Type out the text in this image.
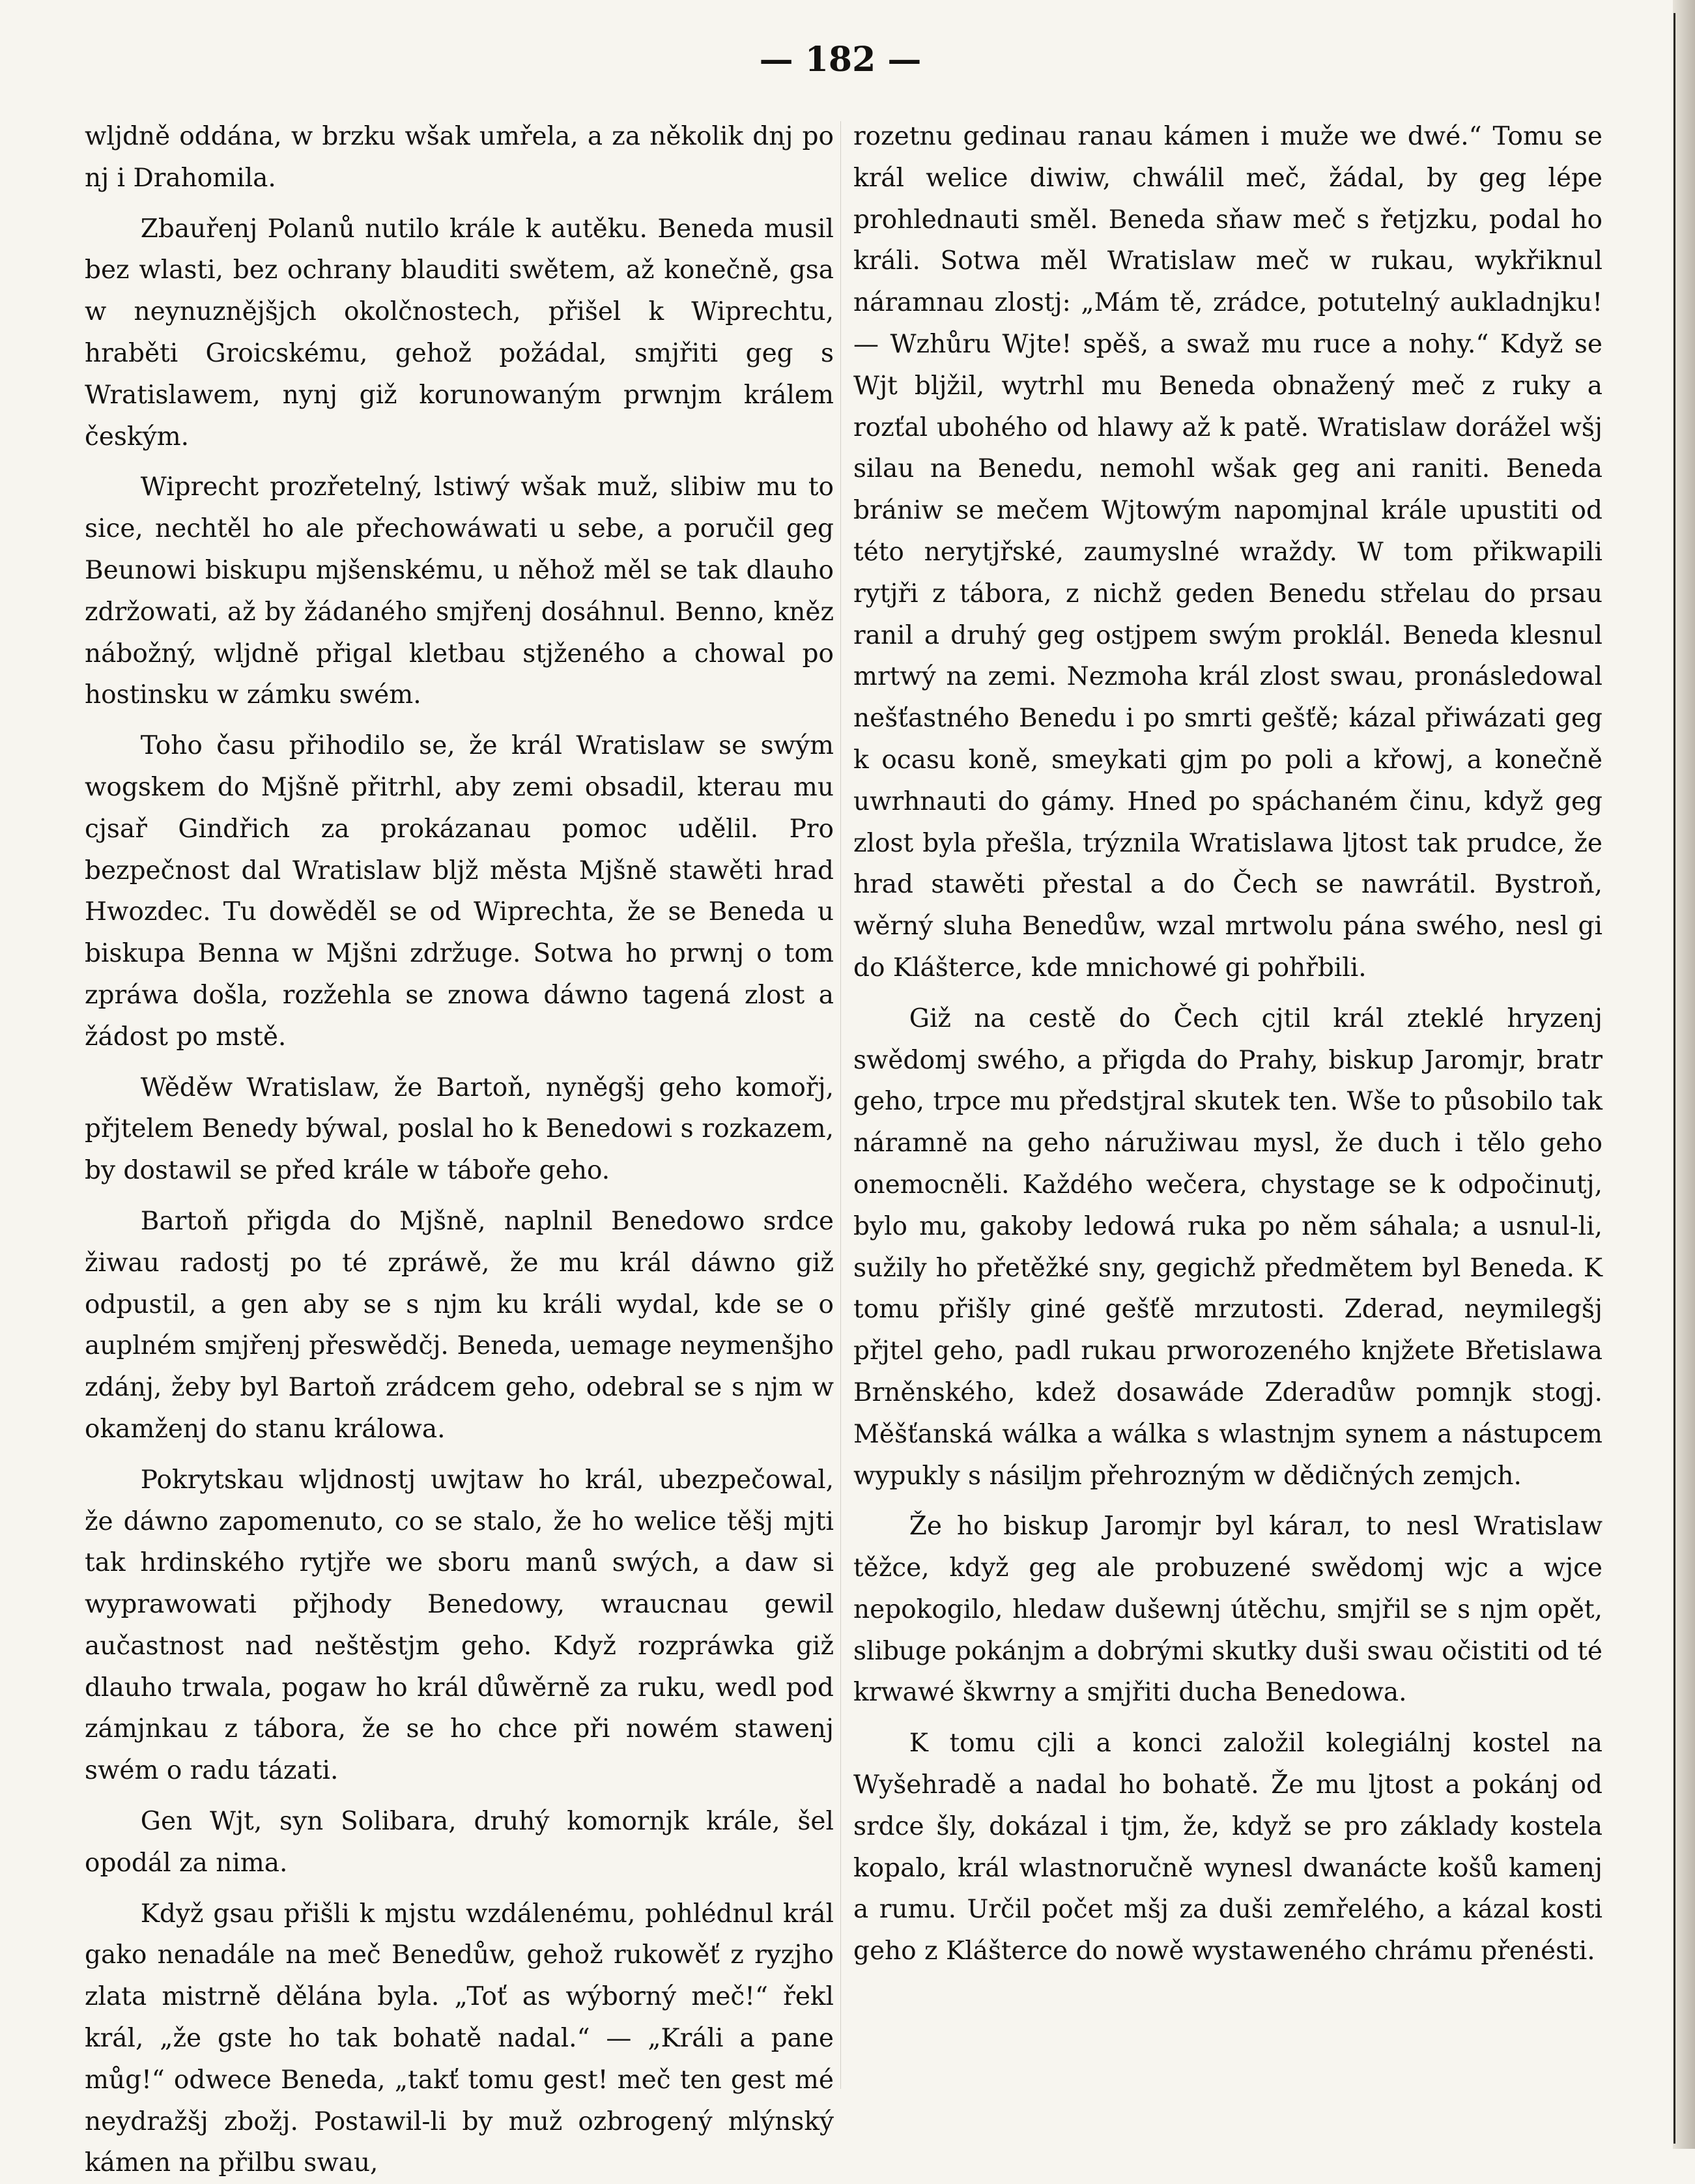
— 182 —

wljdně oddána, w brzku wšak umřela, a za několik dnj po nj i Drahomila.

Zbauřenj Polanů nutilo krále k autěku. Beneda musil bez wlasti, bez ochrany blauditi swětem, až konečně, gsa w neynuznějšjch okolčnostech, přišel k Wiprechtu, hraběti Groicskému, gehož požádal, smjřiti geg s Wratislawem, nynj giž korunowaným prwnjm králem českým.

Wiprecht prozřetelný, lstiwý wšak muž, slibiw mu to sice, nechtěl ho ale přechowáwati u sebe, a poručil geg Beunowi biskupu mjšenskému, u něhož měl se tak dlauho zdržowati, až by žádaného smjřenj dosáhnul. Benno, kněz nábožný, wljdně přigal kletbau stjženého a chowal po hostinsku w zámku swém.

Toho času přihodilo se, že král Wratislaw se swým wogskem do Mjšně přitrhl, aby zemi obsadil, kterau mu cjsař Gindřich za prokázanau pomoc udělil. Pro bezpečnost dal Wratislaw blјž města Mjšně stawěti hrad Hwozdec. Tu dowěděl se od Wiprechta, že se Beneda u biskupa Benna w Mjšni zdržuge. Sotwa ho prwnj o tom zpráwa došla, rozžehla se znowa dáwno tagená zlost a žádost po mstě.

Wěděw Wratislaw, že Bartoň, nyněgšj geho komořj, přjtelem Benedy býwal, poslal ho k Benedowi s rozkazem, by dostawil se před krále w táboře geho.

Bartoň přigda do Mjšně, naplnil Benedowo srdce žiwau radostj po té zpráwě, že mu král dáwno giž odpustil, a gen aby se s njm ku králi wydal, kde se o auplném smjřenj přeswědčj. Beneda, uemage neymenšjho zdánj, žeby byl Bartoň zrádcem geho, odebral se s njm w okamženj do stanu králowa.

Pokrytskau wljdnostj uwjtaw ho král, ubezpečowal, že dáwno zapomenuto, co se stalo, že ho welice těšj mjti tak hrdinského rytjře we sboru manů swých, a daw si wyprawowati přjhody Benedowy, wraucnau gewil aučastnost nad neštěstjm geho. Když rozpráwka giž dlauho trwala, pogaw ho král důwěrně za ruku, wedl pod zámjnkau z tábora, že se ho chce při nowém stawenj swém o radu tázati.

Gen Wjt, syn Solibara, druhý komornjk krále, šel opodál za nima.

Když gsau přišli k mjstu wzdálenému, pohlédnul král gako nenadále na meč Benedůw, gehož rukowěť z ryzjho zlata mistrně dělána byla. „Toť as wýborný meč!“ řekl král, „že gste ho tak bohatě nadal.“ — „Králi a pane můg!“ odwece Beneda, „takť tomu gest! meč ten gest mé neydražšj zbožj. Postawil-li by muž ozbrogený mlýnský kámen na přilbu swau,

rozetnu gedinau ranau kámen i muže we dwé.“ Tomu se král welice diwiw, chwálil meč, žádal, by geg lépe prohlednauti směl. Beneda sňaw meč s řetjzku, podal ho králi. Sotwa měl Wratislaw meč w rukau, wykřiknul náramnau zlostj: „Mám tě, zrádce, potutelný aukladnjku! — Wzhůru Wjte! spěš, a swaž mu ruce a nohy.“ Když se Wjt blјžil, wytrhl mu Beneda obnažený meč z ruky a rozťal ubohého od hlawy až k patě. Wratislaw dorážel wšj silau na Benedu, nemohl wšak geg ani raniti. Beneda brániw se mečem Wjtowým napomjnal krále upustiti od této nerytjřské, zaumyslné wraždy. W tom přikwapili rytjři z tábora, z nichž geden Benedu střelau do prsau ranil a druhý geg ostjpem swým proklál. Beneda klesnul mrtwý na zemi. Nezmoha král zlost swau, pronásledowal nešťastného Benedu i po smrti gešťě; kázal přiwázati geg k ocasu koně, smeykati gjm po poli a křowj, a konečně uwrhnauti do gámy. Hned po spáchaném činu, když geg zlost byla přešla, trýznila Wratislawa ljtost tak prudce, že hrad stawěti přestal a do Čech se nawrátil. Bystroň, wěrný sluha Benedůw, wzal mrtwolu pána swého, nesl gi do Klášterce, kde mnichowé gi pohřbili.

Giž na cestě do Čech cjtil král zteklé hryzenj swědomj swého, a přigda do Prahy, biskup Jaromjr, bratr geho, trpce mu předstjral skutek ten. Wše to působilo tak náramně na geho náružiwau mysl, že duch i tělo geho onemocněli. Každého wečera, chystage se k odpočinutj, bylo mu, gakoby ledowá ruka po něm sáhala; a usnul-li, sužily ho přetěžké sny, gegichž předmětem byl Beneda. K tomu přišly giné gešťě mrzutosti. Zderad, neymilegšj přjtel geho, padl rukau prworozeného knjžete Břetislawa Brněnského, kdež dosawáde Zderadůw pomnjk stogj. Měšťanská wálka a wálka s wlastnjm synem a nástupcem wypukly s násilјm přehrozným w dědičných zemjch.

Že ho biskup Jaromjr byl kárал, to nesl Wratislaw těžce, když geg ale probuzené swědomj wjc a wjce nepokogilo, hledaw dušewnj útěchu, smjřil se s njm opět, slibuge pokánjm a dobrými skutky duši swau očistiti od té krwawé škwrny a smjřiti ducha Benedowa.

K tomu cjli a konci založil kolegiálnj kostel na Wyšehradě a nadal ho bohatě. Že mu ljtost a pokánj od srdce šly, dokázal i tjm, že, když se pro základy kostela kopalo, král wlastnoručně wynesl dwanácte košů kamenj a rumu. Určil počet mšj za duši zemřelého, a kázal kosti geho z Klášterce do nowě wystaweného chrámu přenésti.
